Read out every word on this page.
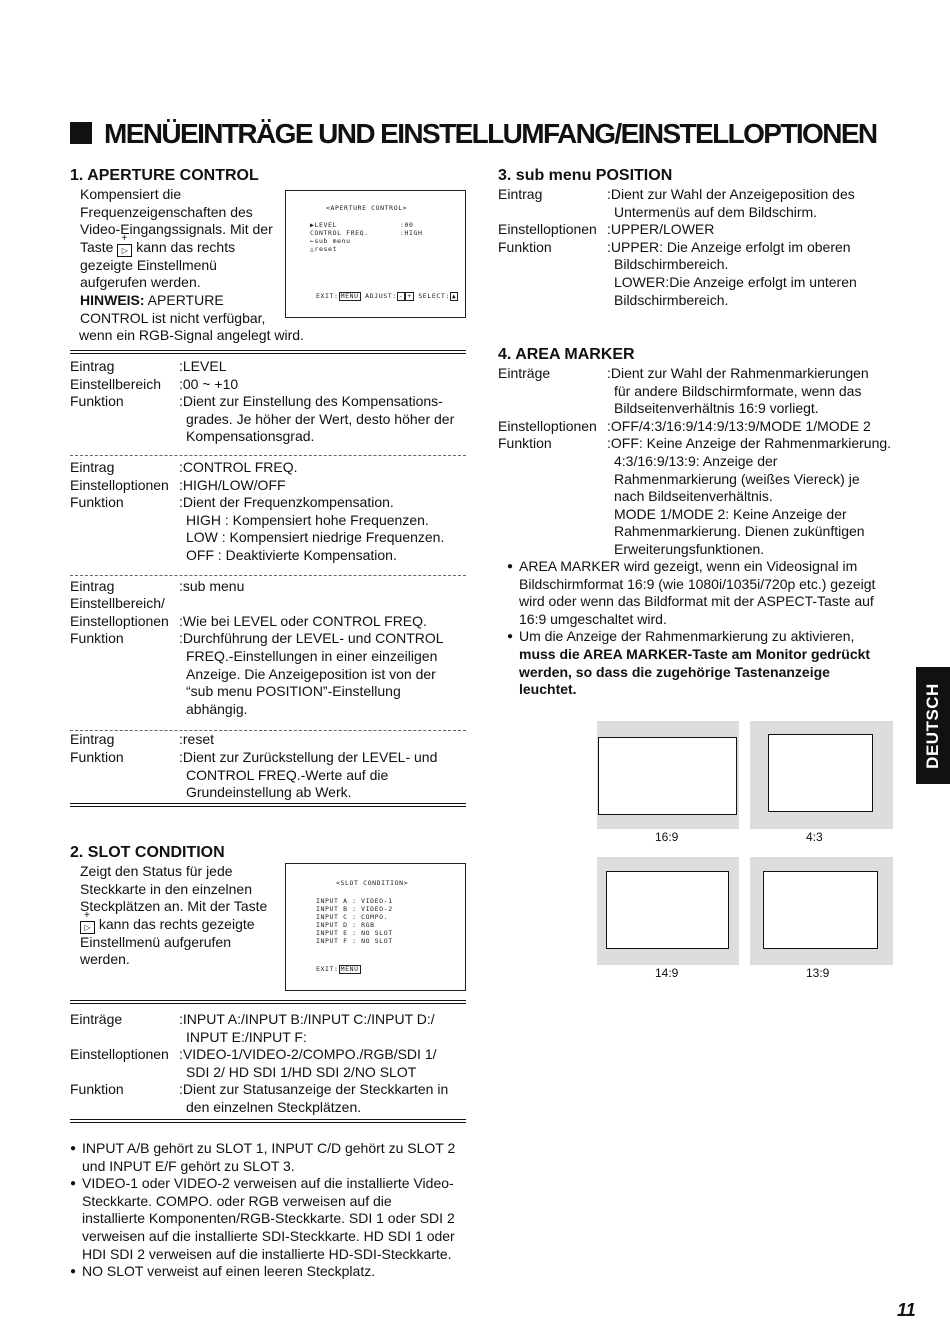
MENÜEINTRÄGE UND EINSTELLUMFANG/EINSTELLOPTIONEN
1. APERTURE CONTROL
Kompensiert die
Frequenzeigenschaften des
Video-Eingangssignals. Mit der
Taste + ▷ kann das rechts
gezeigte Einstellmenü
aufgerufen werden.
HINWEIS: APERTURE
CONTROL ist nicht verfügbar,
wenn ein RGB-Signal angelegt wird.
<APERTURE CONTROL>
▶LEVEL	:00
CONTROL FREQ.	:HIGH
←sub menu
△reset
EXIT: MENU ADJUST: - + SELECT: ▲
Eintrag	:LEVEL
Einstellbereich :00 ~ +10
Funktion	:Dient zur Einstellung des Kompensations-
grades. Je höher der Wert, desto höher der
Kompensationsgrad.
Eintrag	:CONTROL FREQ.
Einstelloptionen :HIGH/LOW/OFF
Funktion	:Dient der Frequenzkompensation.
HIGH : Kompensiert hohe Frequenzen.
LOW : Kompensiert niedrige Frequenzen.
OFF : Deaktivierte Kompensation.
Eintrag	:sub menu
Einstellbereich/
Einstelloptionen :Wie bei LEVEL oder CONTROL FREQ.
Funktion	:Durchführung der LEVEL- und CONTROL
FREQ.-Einstellungen in einer einzeiligen
Anzeige. Die Anzeigeposition ist von der
“sub menu POSITION”-Einstellung
abhängig.
Eintrag	:reset
Funktion	:Dient zur Zurückstellung der LEVEL- und
CONTROL FREQ.-Werte auf die
Grundeinstellung ab Werk.
2. SLOT CONDITION
Zeigt den Status für jede
Steckkarte in den einzelnen
Steckplätzen an. Mit der Taste
+ ▷ kann das rechts gezeigte
Einstellmenü aufgerufen
werden.
<SLOT CONDITION>
INPUT A : VIDEO-1
INPUT B : VIDEO-2
INPUT C : COMPO.
INPUT D : RGB
INPUT E : NO SLOT
INPUT F : NO SLOT
EXIT: MENU
Einträge	:INPUT A:/INPUT B:/INPUT C:/INPUT D:/
INPUT E:/INPUT F:
Einstelloptionen :VIDEO-1/VIDEO-2/COMPO./RGB/SDI 1/
SDI 2/ HD SDI 1/HD SDI 2/NO SLOT
Funktion	:Dient zur Statusanzeige der Steckkarten in
den einzelnen Steckplätzen.
● INPUT A/B gehört zu SLOT 1, INPUT C/D gehört zu SLOT 2
und INPUT E/F gehört zu SLOT 3.
● VIDEO-1 oder VIDEO-2 verweisen auf die installierte Video-
Steckkarte. COMPO. oder RGB verweisen auf die
installierte Komponenten/RGB-Steckkarte. SDI 1 oder SDI 2
verweisen auf die installierte SDI-Steckkarte. HD SDI 1 oder
HDI SDI 2 verweisen auf die installierte HD-SDI-Steckkarte.
● NO SLOT verweist auf einen leeren Steckplatz.
3. sub menu POSITION
Eintrag	:Dient zur Wahl der Anzeigeposition des
Untermenüs auf dem Bildschirm.
Einstelloptionen :UPPER/LOWER
Funktion	:UPPER: Die Anzeige erfolgt im oberen
Bildschirmbereich.
LOWER:Die Anzeige erfolgt im unteren
Bildschirmbereich.
4. AREA MARKER
Einträge	:Dient zur Wahl der Rahmenmarkierungen
für andere Bildschirmformate, wenn das
Bildseitenverhältnis 16:9 vorliegt.
Einstelloptionen :OFF/4:3/16:9/14:9/13:9/MODE 1/MODE 2
Funktion	:OFF: Keine Anzeige der Rahmenmarkierung.
4:3/16:9/13:9: Anzeige der
Rahmenmarkierung (weißes Viereck) je
nach Bildseitenverhältnis.
MODE 1/MODE 2: Keine Anzeige der
Rahmenmarkierung. Dienen zukünftigen
Erweiterungsfunktionen.
● AREA MARKER wird gezeigt, wenn ein Videosignal im
Bildschirmformat 16:9 (wie 1080i/1035i/720p etc.) gezeigt
wird oder wenn das Bildformat mit der ASPECT-Taste auf
16:9 umgeschaltet wird.
● Um die Anzeige der Rahmenmarkierung zu aktivieren,
muss die AREA MARKER-Taste am Monitor gedrückt
werden, so dass die zugehörige Tastenanzeige
leuchtet.
16:9	4:3
14:9	13:9
DEUTSCH
11
